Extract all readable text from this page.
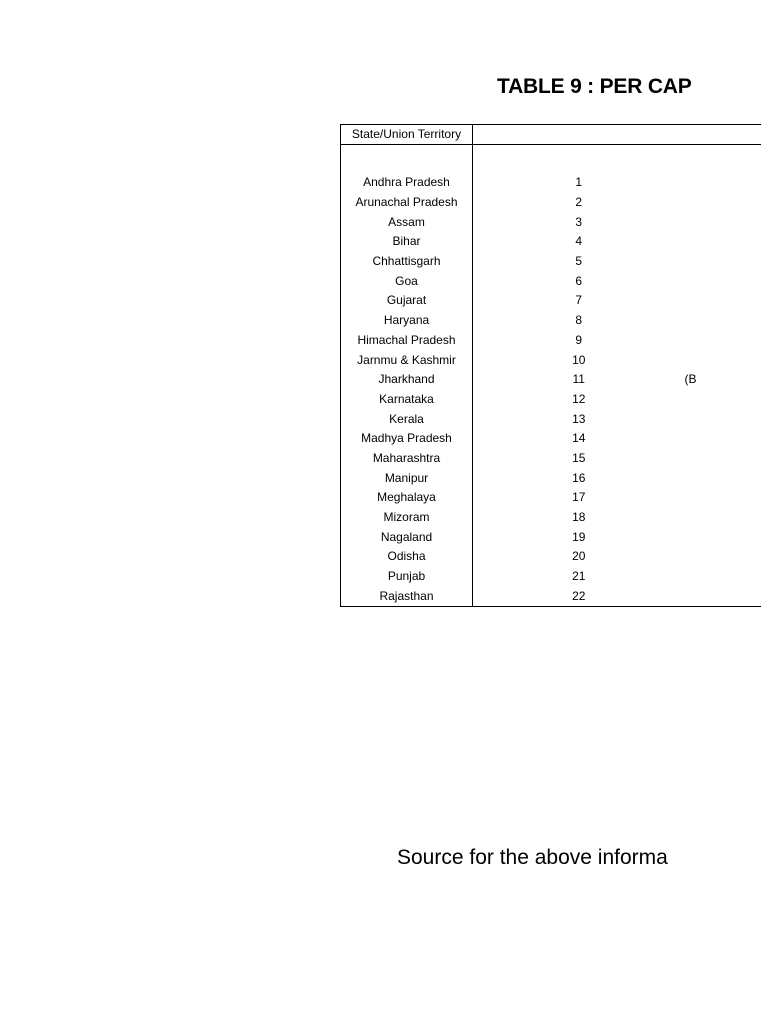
TABLE 9 : PER CAP
State/Union Territory		

Andhra Pradesh	1	
Arunachal Pradesh	2	
Assam	3	
Bihar	4	
Chhattisgarh	5	
Goa	6	
Gujarat	7	
Haryana	8	
Himachal Pradesh	9	
Jarnmu & Kashmir	10	
Jharkhand	11	(B
Karnataka	12	
Kerala	13	
Madhya Pradesh	14	
Maharashtra	15	
Manipur	16	
Meghalaya	17	
Mizoram	18	
Nagaland	19	
Odisha	20	
Punjab	21	
Rajasthan	22	
Source for the above informa
